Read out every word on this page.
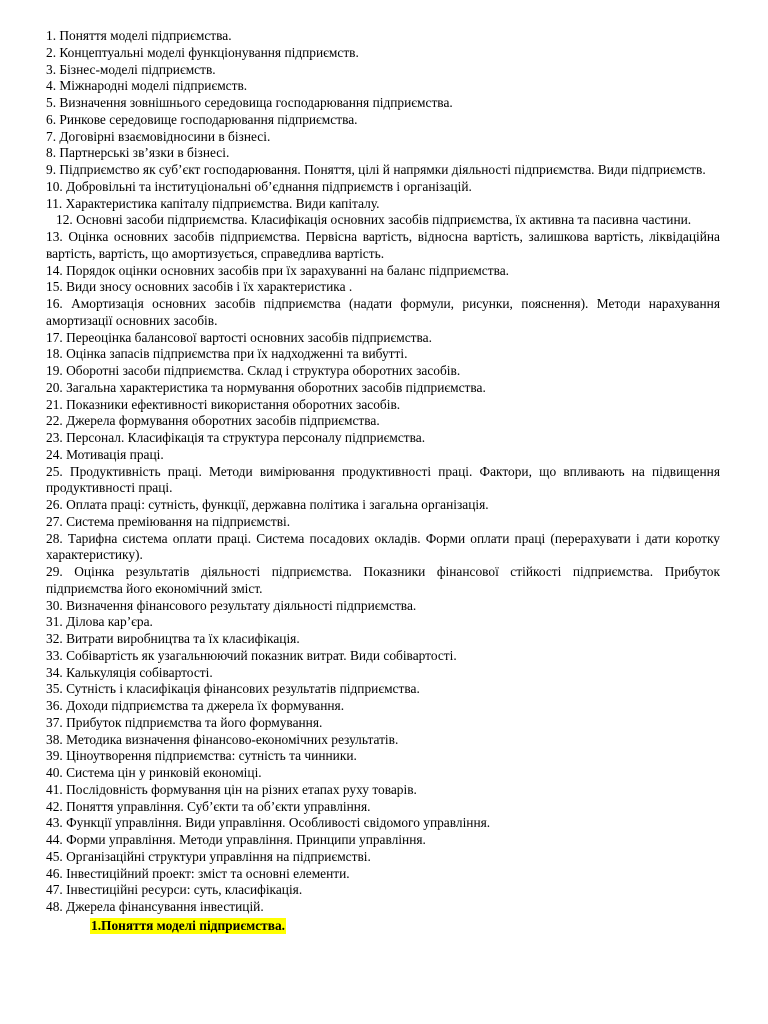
1. Поняття моделі підприємства.
2. Концептуальні моделі функціонування підприємств.
3. Бізнес-моделі підприємств.
4. Міжнародні моделі підприємств.
5. Визначення зовнішнього середовища господарювання підприємства.
6. Ринкове середовище господарювання підприємства.
7. Договірні взаємовідносини в бізнесі.
8. Партнерські зв’язки в бізнесі.
9. Підприємство як суб’єкт господарювання. Поняття, цілі й напрямки діяльності підприємства. Види підприємств.
10. Добровільні та інституціональні об’єднання підприємств і організацій.
11. Характеристика капіталу підприємства. Види капіталу.
12. Основні засоби підприємства. Класифікація основних засобів підприємства, їх активна та пасивна частини.
13. Оцінка основних засобів підприємства. Первісна вартість, відносна вартість, залишкова вартість, ліквідаційна вартість, вартість, що амортизується, справедлива вартість.
14. Порядок оцінки основних засобів при їх зарахуванні на баланс підприємства.
15. Види зносу основних засобів і їх характеристика .
16. Амортизація основних засобів підприємства (надати формули, рисунки, пояснення). Методи нарахування амортизації основних засобів.
17. Переоцінка балансової вартості основних засобів підприємства.
18. Оцінка запасів підприємства при їх надходженні та вибутті.
19. Оборотні засоби підприємства. Склад і структура оборотних засобів.
20. Загальна характеристика та нормування оборотних засобів підприємства.
21. Показники ефективності використання оборотних засобів.
22. Джерела формування оборотних засобів підприємства.
23. Персонал. Класифікація та структура персоналу підприємства.
24. Мотивація праці.
25. Продуктивність праці. Методи вимірювання продуктивності праці. Фактори, що впливають на підвищення продуктивності праці.
26. Оплата праці: сутність, функції, державна політика і загальна організація.
27. Система преміювання на підприємстві.
28. Тарифна система оплати праці. Система посадових окладів. Форми оплати праці (перерахувати і дати коротку характеристику).
29. Оцінка результатів діяльності підприємства. Показники фінансової стійкості підприємства. Прибуток підприємства його економічний зміст.
30. Визначення фінансового результату діяльності підприємства.
31. Ділова кар’єра.
32. Витрати виробництва та їх класифікація.
33. Собівартість як узагальнюючий показник витрат. Види собівартості.
34. Калькуляція собівартості.
35. Сутність і класифікація фінансових результатів підприємства.
36. Доходи підприємства та джерела їх формування.
37. Прибуток підприємства та його формування.
38. Методика визначення фінансово-економічних результатів.
39. Ціноутворення підприємства: сутність та чинники.
40. Система цін у ринковій економіці.
41. Послідовність формування цін на різних етапах руху товарів.
42. Поняття управління. Суб’єкти та об’єкти управління.
43. Функції управління. Види управління. Особливості свідомого управління.
44. Форми управління. Методи управління. Принципи управління.
45. Організаційні структури управління на підприємстві.
46. Інвестиційний проект: зміст та основні елементи.
47. Інвестиційні ресурси: суть, класифікація.
48. Джерела фінансування інвестицій.
1.Поняття моделі підприємства.
